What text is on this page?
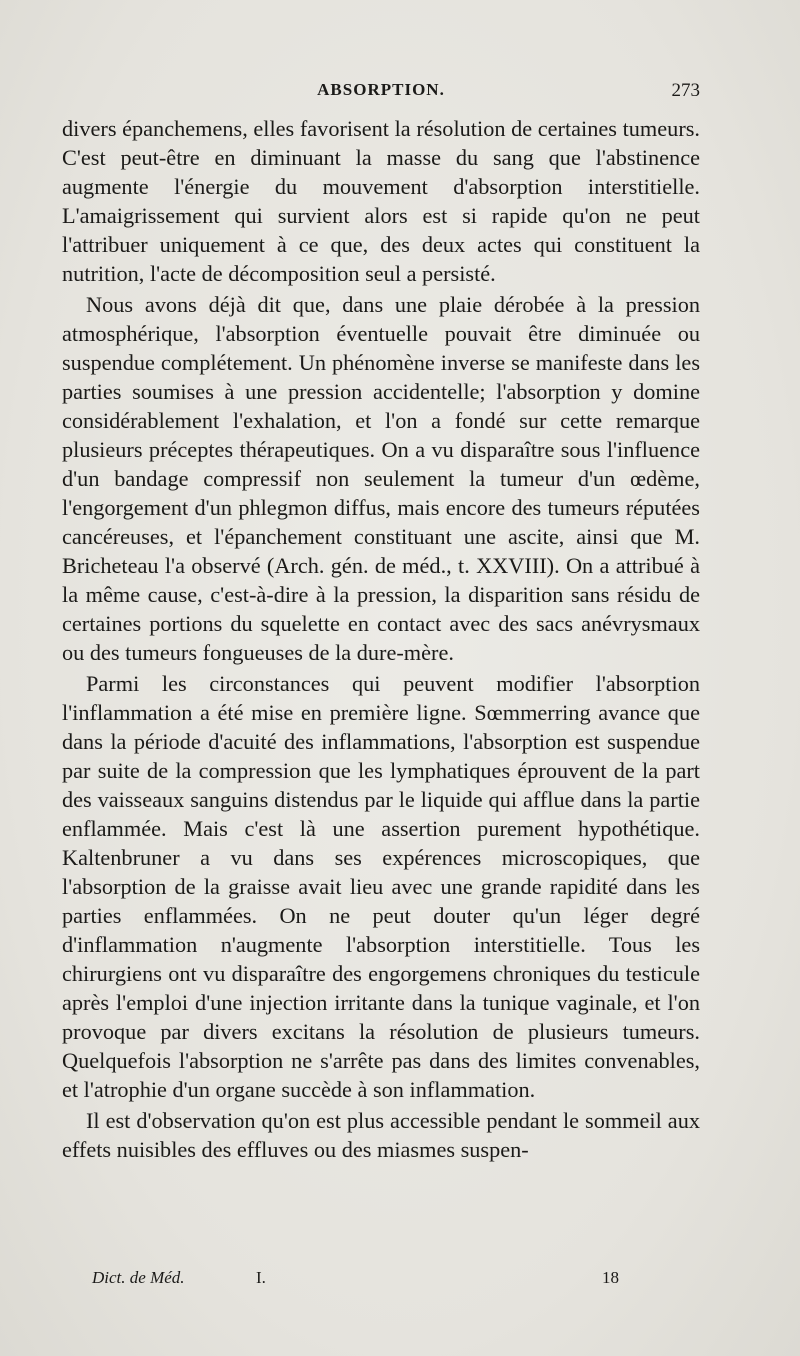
ABSORPTION.	273

divers épanchemens, elles favorisent la résolution de certaines tumeurs. C'est peut-être en diminuant la masse du sang que l'abstinence augmente l'énergie du mouvement d'absorption interstitielle. L'amaigrissement qui survient alors est si rapide qu'on ne peut l'attribuer uniquement à ce que, des deux actes qui constituent la nutrition, l'acte de décomposition seul a persisté.

Nous avons déjà dit que, dans une plaie dérobée à la pression atmosphérique, l'absorption éventuelle pouvait être diminuée ou suspendue complétement. Un phénomène inverse se manifeste dans les parties soumises à une pression accidentelle; l'absorption y domine considérablement l'exhalation, et l'on a fondé sur cette remarque plusieurs préceptes thérapeutiques. On a vu disparaître sous l'influence d'un bandage compressif non seulement la tumeur d'un œdème, l'engorgement d'un phlegmon diffus, mais encore des tumeurs réputées cancéreuses, et l'épanchement constituant une ascite, ainsi que M. Bricheteau l'a observé (Arch. gén. de méd., t. XXVIII). On a attribué à la même cause, c'est-à-dire à la pression, la disparition sans résidu de certaines portions du squelette en contact avec des sacs anévrysmaux ou des tumeurs fongueuses de la dure-mère.

Parmi les circonstances qui peuvent modifier l'absorption l'inflammation a été mise en première ligne. Sœmmerring avance que dans la période d'acuité des inflammations, l'absorption est suspendue par suite de la compression que les lymphatiques éprouvent de la part des vaisseaux sanguins distendus par le liquide qui afflue dans la partie enflammée. Mais c'est là une assertion purement hypothétique. Kaltenbruner a vu dans ses expérences microscopiques, que l'absorption de la graisse avait lieu avec une grande rapidité dans les parties enflammées. On ne peut douter qu'un léger degré d'inflammation n'augmente l'absorption interstitielle. Tous les chirurgiens ont vu disparaître des engorgemens chroniques du testicule après l'emploi d'une injection irritante dans la tunique vaginale, et l'on provoque par divers excitans la résolution de plusieurs tumeurs. Quelquefois l'absorption ne s'arrête pas dans des limites convenables, et l'atrophie d'un organe succède à son inflammation.

Il est d'observation qu'on est plus accessible pendant le sommeil aux effets nuisibles des effluves ou des miasmes suspen-

Dict. de Méd.	I.	18
